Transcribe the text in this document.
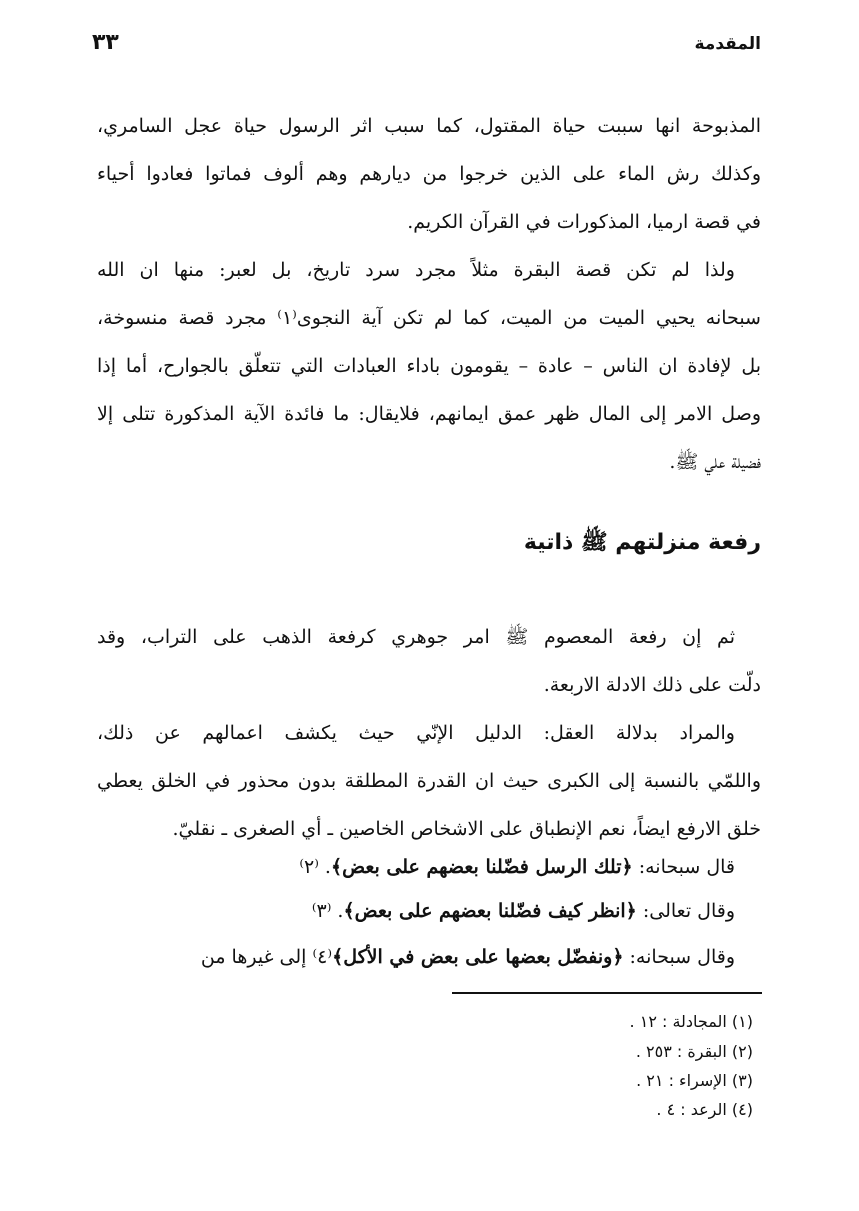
المقدمة
٣٣
المذبوحة انها سببت حياة المقتول، كما سبب اثر الرسول حياة عجل السامري،
وكذلك رش الماء على الذين خرجوا من ديارهم وهم ألوف فماتوا فعادوا أحياء
في قصة ارميا، المذكورات في القرآن الكريم.
ولذا لم تكن قصة البقرة مثلاً مجرد سرد تاريخ، بل لعبر: منها ان الله
سبحانه يحيي الميت من الميت، كما لم تكن آية النجوى⁽١⁾ مجرد قصة منسوخة،
بل لإفادة ان الناس – عادة – يقومون باداء العبادات التي تتعلّق بالجوارح، أما إذا
وصل الامر إلى المال ظهر عمق ايمانهم، فلايقال: ما فائدة الآية المذكورة تتلى إلا
فضيلة علي ﷺ.
رفعة منزلتهم ﷺ ذاتية
ثم إن رفعة المعصوم ﷺ امر جوهري كرفعة الذهب على التراب، وقد
دلّت على ذلك الادلة الاربعة.
والمراد بدلالة العقل: الدليل الإنّي حيث يكشف اعمالهم عن ذلك،
واللمّي بالنسبة إلى الكبرى حيث ان القدرة المطلقة بدون محذور في الخلق يعطي
خلق الارفع ايضاً، نعم الإنطباق على الاشخاص الخاصين ـ أي الصغرى ـ نقليّ.
قال سبحانه: ﴿تلك الرسل فضّلنا بعضهم على بعض﴾. ⁽٢⁾
وقال تعالى: ﴿انظر كيف فضّلنا بعضهم على بعض﴾. ⁽٣⁾
وقال سبحانه: ﴿ونفضّل بعضها على بعض في الأكل﴾⁽٤⁾ إلى غيرها من
(١) المجادلة : ١٢ .
(٢) البقرة : ٢٥٣ .
(٣) الإسراء : ٢١ .
(٤) الرعد : ٤ .
